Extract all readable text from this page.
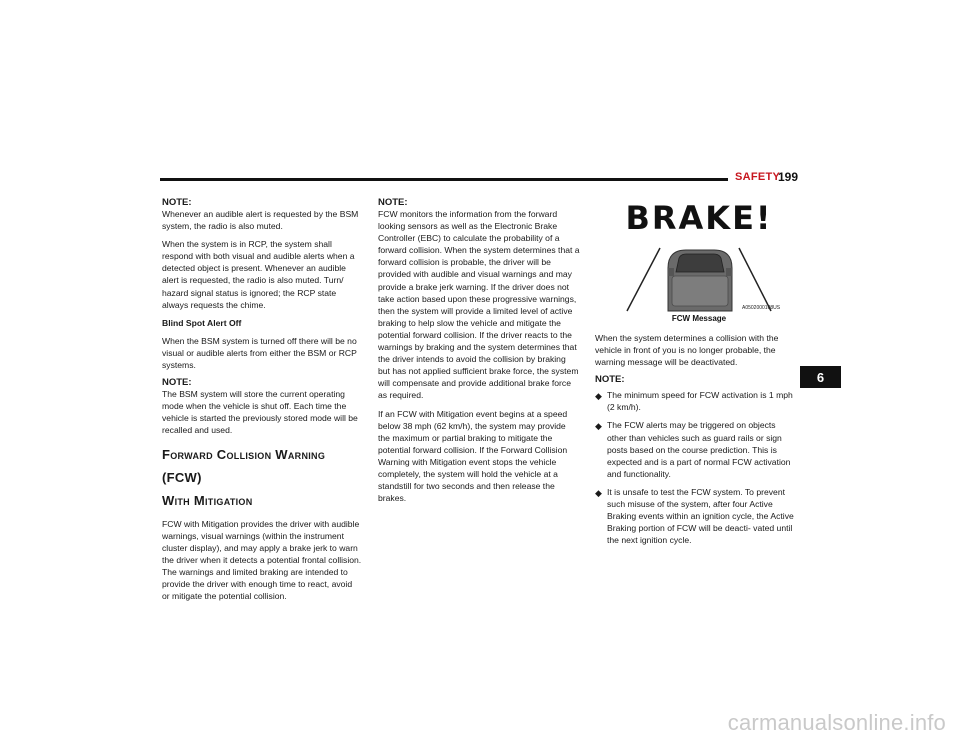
SAFETY
199
NOTE:

Whenever an audible alert is requested by the BSM system, the radio is also muted.

When the system is in RCP, the system shall respond with both visual and audible alerts when a detected object is present. Whenever an audible alert is requested, the radio is also muted. Turn/ hazard signal status is ignored; the RCP state always requests the chime.

Blind Spot Alert Off

When the BSM system is turned off there will be no visual or audible alerts from either the BSM or RCP systems.

NOTE:

The BSM system will store the current operating mode when the vehicle is shut off. Each time the vehicle is started the previously stored mode will be recalled and used.

Forward Collision Warning (FCW)
With Mitigation

FCW with Mitigation provides the driver with audible warnings, visual warnings (within the instrument cluster display), and may apply a brake jerk to warn the driver when it detects a potential frontal collision. The warnings and limited braking are intended to provide the driver with enough time to react, avoid or mitigate the potential collision.

NOTE:

FCW monitors the information from the forward looking sensors as well as the Electronic Brake Controller (EBC) to calculate the probability of a forward collision. When the system determines that a forward collision is probable, the driver will be provided with audible and visual warnings and may provide a brake jerk warning. If the driver does not take action based upon these progressive warnings, then the system will provide a limited level of active braking to help slow the vehicle and mitigate the potential forward collision. If the driver reacts to the warnings by braking and the system determines that the driver intends to avoid the collision by braking but has not applied sufficient brake force, the system will compensate and provide additional brake force as required.

If an FCW with Mitigation event begins at a speed below 38 mph (62 km/h), the system may provide the maximum or partial braking to mitigate the potential forward collision. If the Forward Collision Warning with Mitigation event stops the vehicle completely, the system will hold the vehicle at a standstill for two seconds and then release the brakes.

BRAKE!
A0502000108US
FCW Message

When the system determines a collision with the vehicle in front of you is no longer probable, the warning message will be deactivated.

NOTE:
◆ The minimum speed for FCW activation is 1 mph (2 km/h).
◆ The FCW alerts may be triggered on objects other than vehicles such as guard rails or sign posts based on the course prediction. This is expected and is a part of normal FCW activation and functionality.
◆ It is unsafe to test the FCW system. To prevent such misuse of the system, after four Active Braking events within an ignition cycle, the Active Braking portion of FCW will be deacti- vated until the next ignition cycle.
6
carmanualsonline.info
